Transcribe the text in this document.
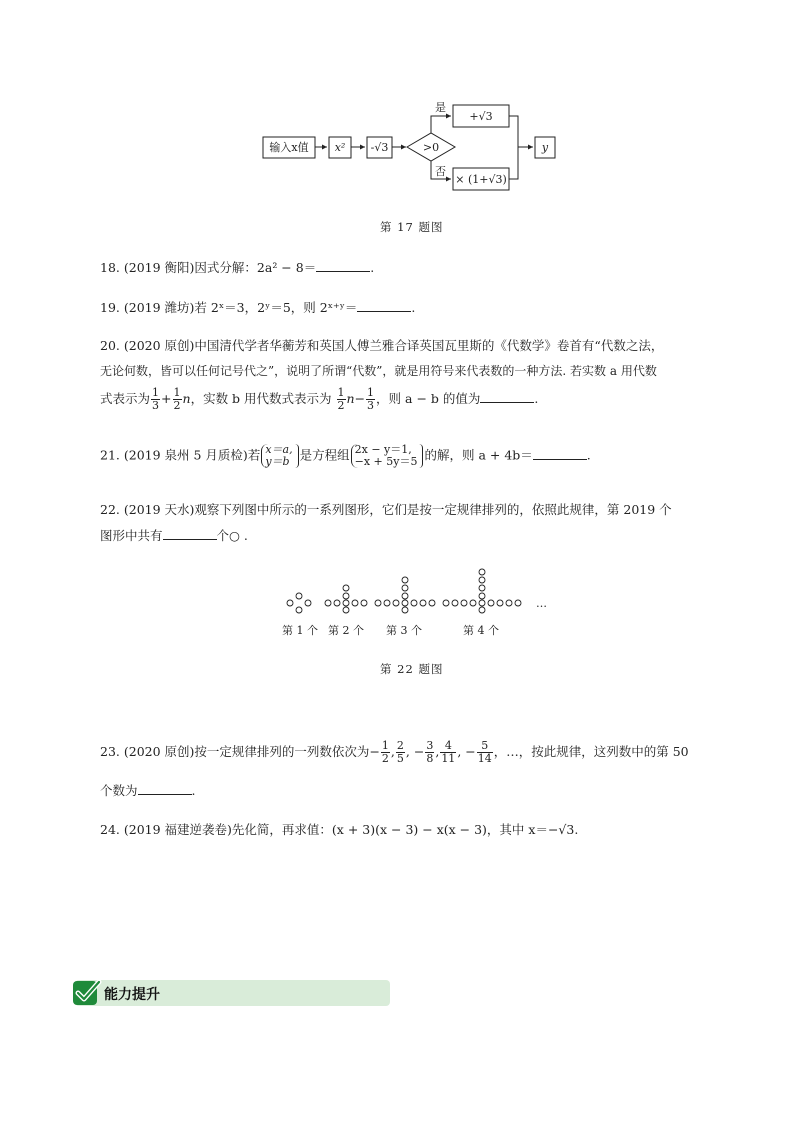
输入x值 x² -√3	>0
是
否
+√3
× (1+√3)
y
第 17 题图
18. (2019 衡阳)因式分解：2a² − 8＝	.
19. (2019 潍坊)若 2ˣ＝3，2ʸ＝5，则 2ˣ⁺ʸ＝	.
20. (2020 原创)中国清代学者华蘅芳和英国人傅兰雅合译英国瓦里斯的《代数学》卷首有“代数之法，
无论何数，皆可以任何记号代之”，说明了所谓“代数”，就是用符号来代表数的一种方法. 若实数 a 用代数
式表示为 $\frac{1}{3} + \frac{1}{2}$ n，实数 b 用代数式表示为 $\frac{1}{2} n- \frac{1}{3}$ ，则 a − b 的值为	.
21. (2019 泉州 5 月质检)若 x＝a,
y＝b 是方程组 2x − y＝1,
−x + 5y＝5 的解，则 a + 4b＝	.
22. (2019 天水)观察下列图中所示的一系列图形，它们是按一定规律排列的，依照此规律，第 2019 个
图形中共有	个○ .
…
第 1 个 第 2 个 第 3 个	第 4 个
第 22 题图
23. (2020 原创)按一定规律排列的一列数依次为− $\frac{1}{2}$ , $\frac{2}{5}$ , − $\frac{3}{8}$ , $\frac{4}{11}$ , − $\frac{5}{14}$ ，…，按此规律，这列数中的第 50
个数为	.
24. (2019 福建逆袭卷)先化简，再求值：(x + 3)(x − 3) − x(x − 3)，其中 x＝−√3.
能力提升
